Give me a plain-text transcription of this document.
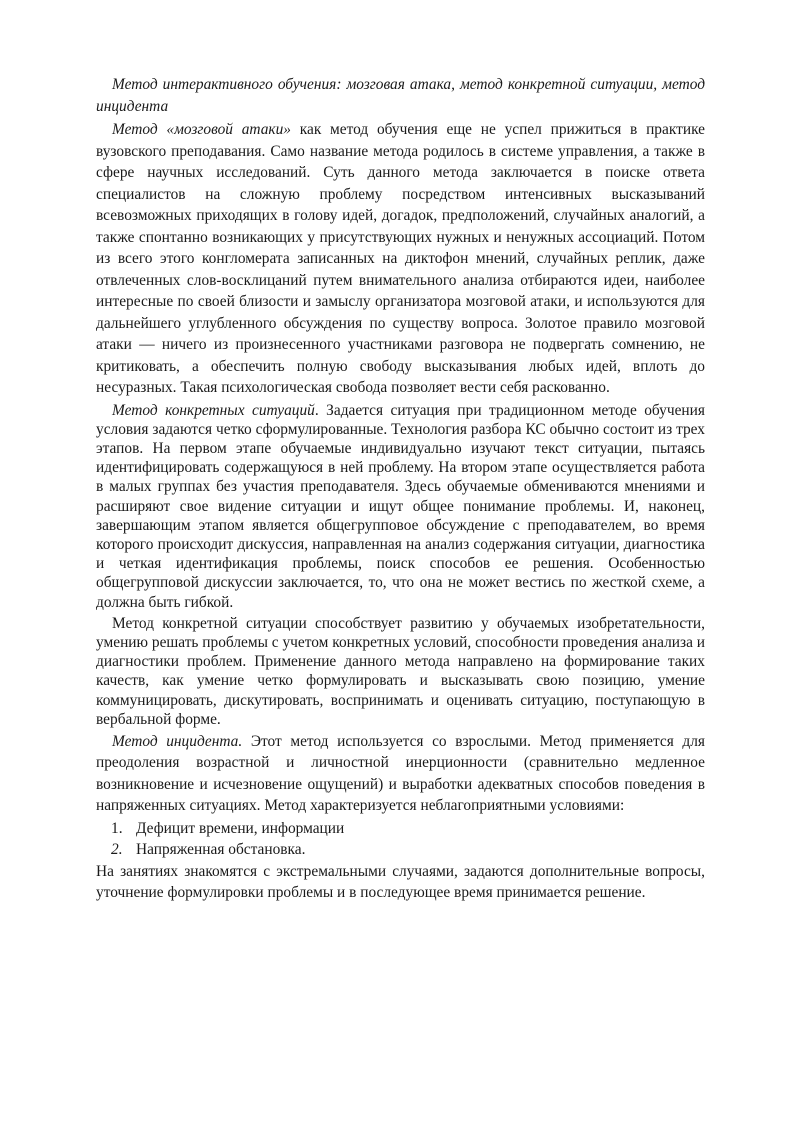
Метод интерактивного обучения: мозговая атака, метод конкретной ситуации, метод инцидента

Метод «мозговой атаки» как метод обучения еще не успел прижиться в практике вузовского преподавания. Само название метода родилось в системе управления, а также в сфере научных исследований. Суть данного метода заключается в поиске ответа специалистов на сложную проблему посредством интенсивных высказываний всевозможных приходящих в голову идей, догадок, предположений, случайных аналогий, а также спонтанно возникающих у присутствующих нужных и ненужных ассоциаций. Потом из всего этого конгломерата записанных на диктофон мнений, случайных реплик, даже отвлеченных слов-восклицаний путем внимательного анализа отбираются идеи, наиболее интересные по своей близости и замыслу организатора мозговой атаки, и используются для дальнейшего углубленного обсуждения по существу вопроса. Золотое правило мозговой атаки — ничего из произнесенного участниками разговора не подвергать сомнению, не критиковать, а обеспечить полную свободу высказывания любых идей, вплоть до несуразных. Такая психологическая свобода позволяет вести себя раскованно.

Метод конкретных ситуаций. Задается ситуация при традиционном методе обучения условия задаются четко сформулированные. Технология разбора КС обычно состоит из трех этапов. На первом этапе обучаемые индивидуально изучают текст ситуации, пытаясь идентифицировать содержащуюся в ней проблему. На втором этапе осуществляется работа в малых группах без участия преподавателя. Здесь обучаемые обмениваются мнениями и расширяют свое видение ситуации и ищут общее понимание проблемы. И, наконец, завершающим этапом является общегрупповое обсуждение с преподавателем, во время которого происходит дискуссия, направленная на анализ содержания ситуации, диагностика и четкая идентификация проблемы, поиск способов ее решения. Особенностью общегрупповой дискуссии заключается, то, что она не может вестись по жесткой схеме, а должна быть гибкой.

Метод конкретной ситуации способствует развитию у обучаемых изобретательности, умению решать проблемы с учетом конкретных условий, способности проведения анализа и диагностики проблем. Применение данного метода направлено на формирование таких качеств, как умение четко формулировать и высказывать свою позицию, умение коммуницировать, дискутировать, воспринимать и оценивать ситуацию, поступающую в вербальной форме.

Метод инцидента. Этот метод используется со взрослыми. Метод применяется для преодоления возрастной и личностной инерционности (сравнительно медленное возникновение и исчезновение ощущений) и выработки адекватных способов поведения в напряженных ситуациях. Метод характеризуется неблагоприятными условиями:

1. Дефицит времени, информации
2. Напряженная обстановка.

На занятиях знакомятся с экстремальными случаями, задаются дополнительные вопросы, уточнение формулировки проблемы и в последующее время принимается решение.
